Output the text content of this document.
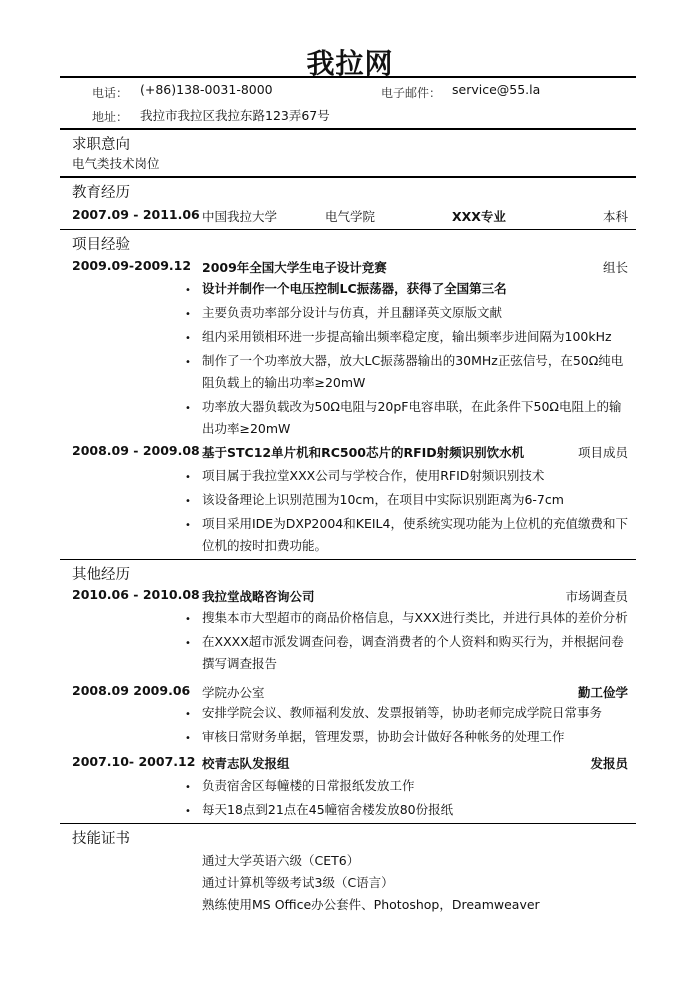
我拉网
电话： (+86)138-0031-8000	电子邮件： service@55.la
地址： 我拉市我拉区我拉东路123弄67号
求职意向
电气类技术岗位
教育经历
2007.09 - 2011.06 中国我拉大学	电气学院	XXX专业	本科
项目经验
2009.09-2009.12 2009年全国大学生电子设计竞赛	组长
• 设计并制作一个电压控制LC振荡器，获得了全国第三名
• 主要负责功率部分设计与仿真，并且翻译英文原版文献
• 组内采用锁相环进一步提高输出频率稳定度，输出频率步进间隔为100kHz
• 制作了一个功率放大器，放大LC振荡器输出的30MHz正弦信号，在50Ω纯电阻负载上的输出功率≥20mW
• 功率放大器负载改为50Ω电阻与20pF电容串联，在此条件下50Ω电阻上的输出功率≥20mW
2008.09 - 2009.08 基于STC12单片机和RC500芯片的RFID射频识别饮水机	项目成员
• 项目属于我拉堂XXX公司与学校合作，使用RFID射频识别技术
• 该设备理论上识别范围为10cm，在项目中实际识别距离为6-7cm
• 项目采用IDE为DXP2004和KEIL4，使系统实现功能为上位机的充值缴费和下位机的按时扣费功能。
其他经历
2010.06 - 2010.08 我拉堂战略咨询公司	市场调查员
• 搜集本市大型超市的商品价格信息，与XXX进行类比，并进行具体的差价分析
• 在XXXX超市派发调查问卷，调查消费者的个人资料和购买行为，并根据问卷撰写调查报告
2008.09 2009.06 学院办公室	勤工俭学
• 安排学院会议、教师福利发放、发票报销等，协助老师完成学院日常事务
• 审核日常财务单据，管理发票，协助会计做好各种帐务的处理工作
2007.10- 2007.12 校青志队发报组	发报员
• 负责宿舍区每幢楼的日常报纸发放工作
• 每天18点到21点在45幢宿舍楼发放80份报纸
技能证书
通过大学英语六级（CET6）
通过计算机等级考试3级（C语言）
熟练使用MS Office办公套件、Photoshop，Dreamweaver
